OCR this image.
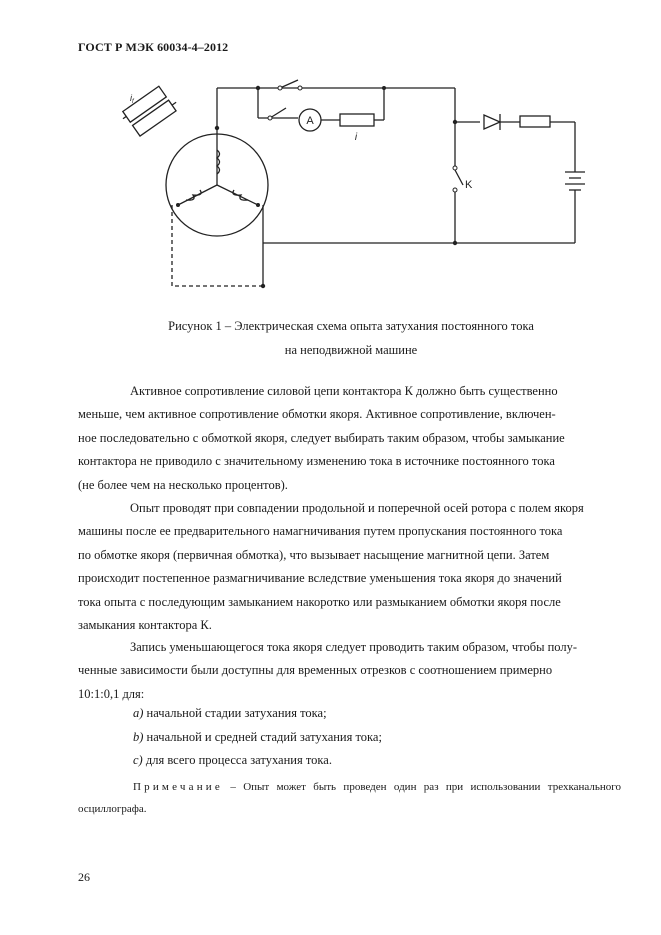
ГОСТ Р МЭК 60034-4–2012
$i_f$
A
i
K
Рисунок 1 – Электрическая схема опыта затухания постоянного тока
на неподвижной машине
Активное сопротивление силовой цепи контактора К должно быть существенно
меньше, чем активное сопротивление обмотки якоря. Активное сопротивление, включен-
ное последовательно с обмоткой якоря, следует выбирать таким образом, чтобы замыкание
контактора не приводило с значительному изменению тока в источнике постоянного тока
(не более чем на несколько процентов).
Опыт проводят при совпадении продольной и поперечной осей ротора с полем якоря
машины после ее предварительного намагничивания путем пропускания постоянного тока
по обмотке якоря (первичная обмотка), что вызывает насыщение магнитной цепи. Затем
происходит постепенное размагничивание вследствие уменьшения тока якоря до значений
тока опыта с последующим замыканием накоротко или размыканием обмотки якоря после
замыкания контактора К.
Запись уменьшающегося тока якоря следует проводить таким образом, чтобы полу-
ченные зависимости были доступны для временных отрезков с соотношением примерно
10:1:0,1 для:
a) начальной стадии затухания тока;
b) начальной и средней стадий затухания тока;
c) для всего процесса затухания тока.
Примечание – Опыт может быть проведен один раз при использовании трехканального осциллографа.
26
